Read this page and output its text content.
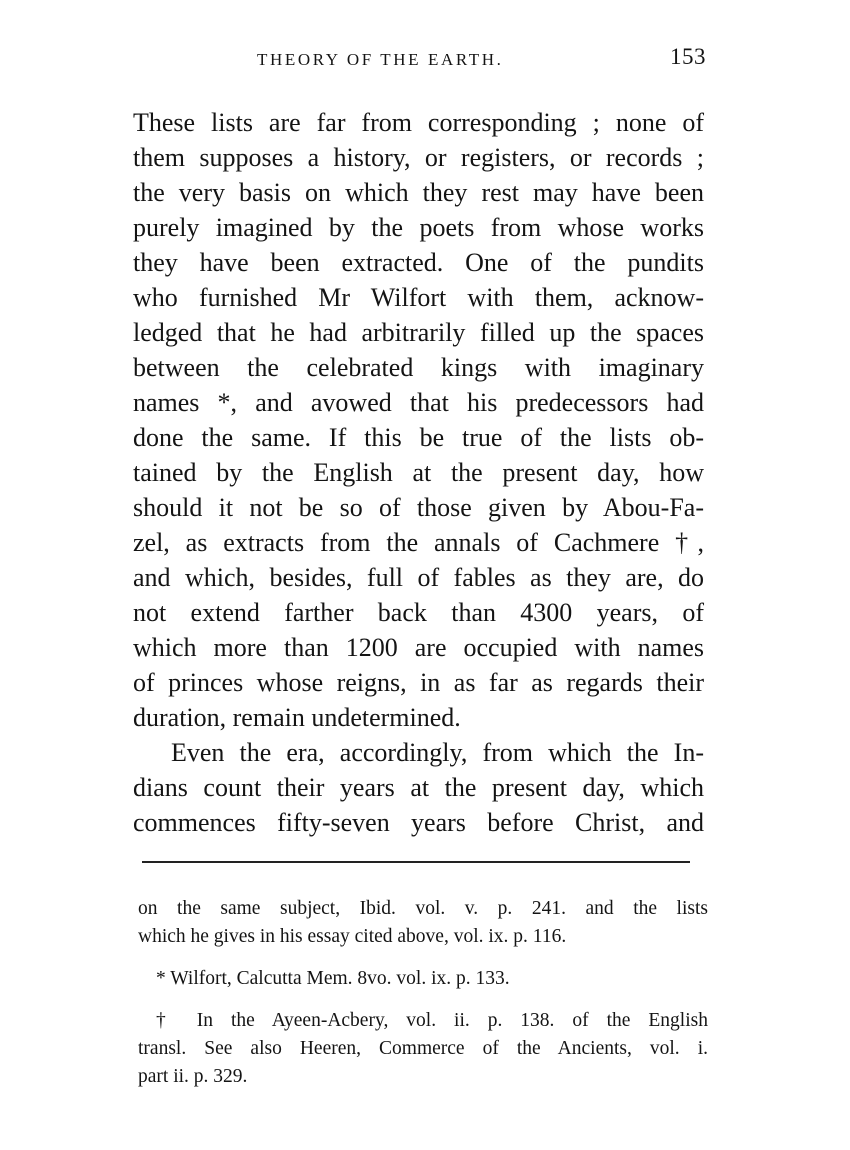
THEORY OF THE EARTH.	153
These lists are far from corresponding ; none of
them supposes a history, or registers, or records ;
the very basis on which they rest may have been
purely imagined by the poets from whose works
they have been extracted. One of the pundits
who furnished Mr Wilfort with them, acknow-
ledged that he had arbitrarily filled up the spaces
between the celebrated kings with imaginary
names *, and avowed that his predecessors had
done the same. If this be true of the lists ob-
tained by the English at the present day, how
should it not be so of those given by Abou-Fa-
zel, as extracts from the annals of Cachmere †,
and which, besides, full of fables as they are, do
not extend farther back than 4300 years, of
which more than 1200 are occupied with names
of princes whose reigns, in as far as regards their
duration, remain undetermined.
Even the era, accordingly, from which the In-
dians count their years at the present day, which
commences fifty-seven years before Christ, and
on the same subject, Ibid. vol. v. p. 241. and the lists
which he gives in his essay cited above, vol. ix. p. 116.
* Wilfort, Calcutta Mem. 8vo. vol. ix. p. 133.
† In the Ayeen-Acbery, vol. ii. p. 138. of the English
transl. See also Heeren, Commerce of the Ancients, vol. i.
part ii. p. 329.
